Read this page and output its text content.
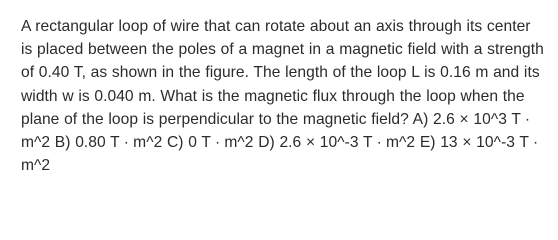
A rectangular loop of wire that can rotate about an axis through its center is placed between the poles of a magnet in a magnetic field with a strength of 0.40 T, as shown in the figure. The length of the loop L is 0.16 m and its width w is 0.040 m. What is the magnetic flux through the loop when the plane of the loop is perpendicular to the magnetic field? A) 2.6 × 10^3 T ∙ m^2 B) 0.80 T ∙ m^2 C) 0 T ∙ m^2 D) 2.6 × 10^-3 T ∙ m^2 E) 13 × 10^-3 T ∙ m^2
